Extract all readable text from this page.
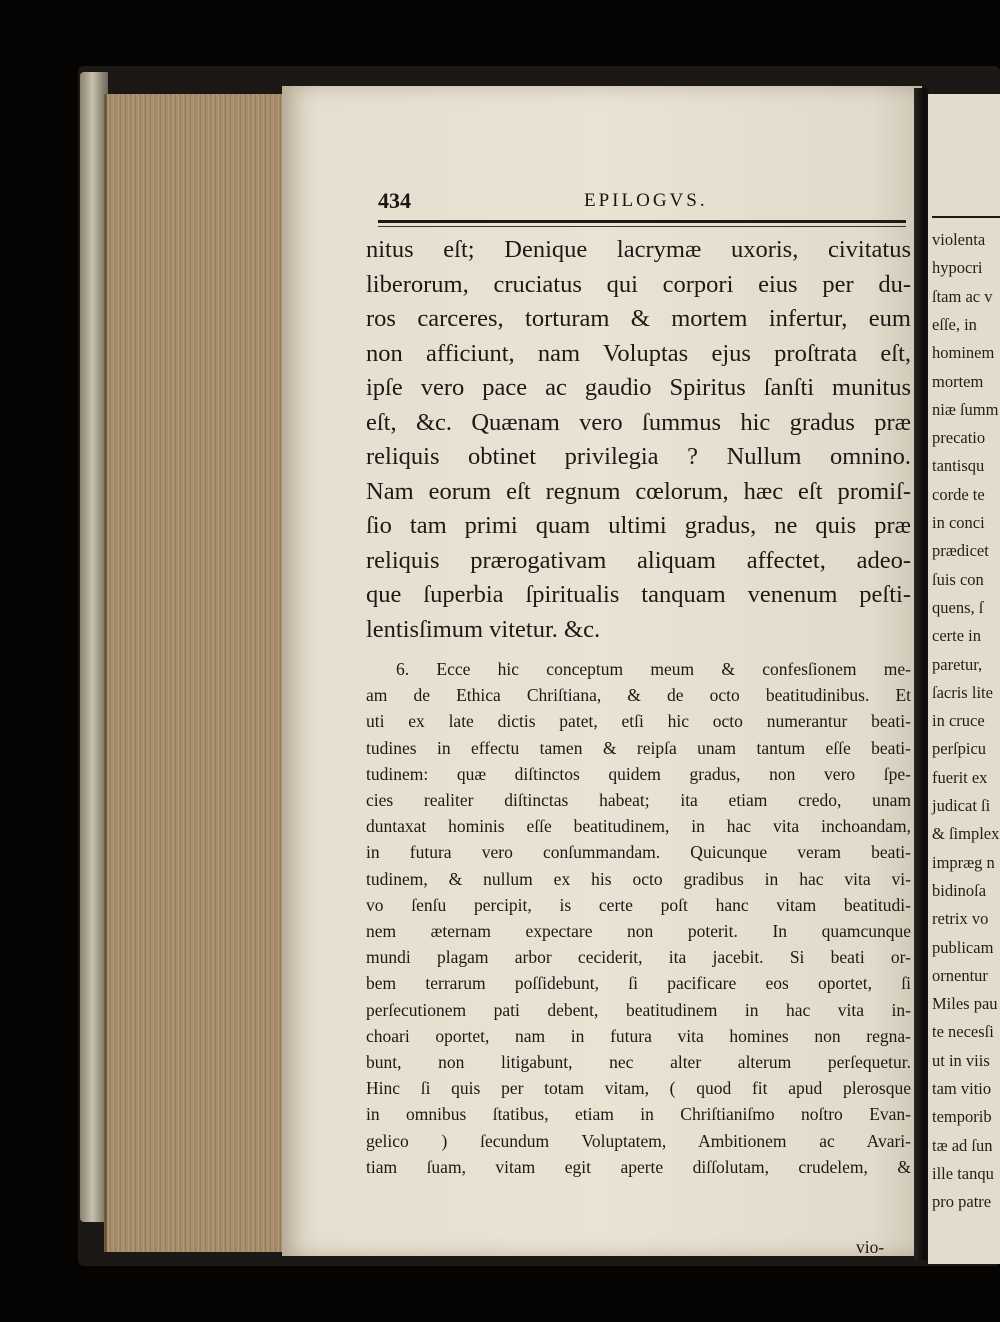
434	EPILOGVS.
nitus eſt; Denique lacrymæ uxoris, civitatus
liberorum, cruciatus qui corpori eius per du-
ros carceres, torturam & mortem infertur, eum
non afficiunt, nam Voluptas ejus proſtrata eſt,
ipſe vero pace ac gaudio Spiritus ſanſti munitus
eſt, &c. Quænam vero ſummus hic gradus præ
reliquis obtinet privilegia ? Nullum omnino.
Nam eorum eſt regnum cœlorum, hæc eſt promiſ-
ſio tam primi quam ultimi gradus, ne quis præ
reliquis prærogativam aliquam affectet, adeo-
que ſuperbia ſpiritualis tanquam venenum peſti-
lentisſimum vitetur. &c.
6. Ecce hic conceptum meum & confesſionem me-
am de Ethica Chriſtiana, & de octo beatitudinibus. Et
uti ex late dictis patet, etſi hic octo numerantur beati-
tudines in effectu tamen & reipſa unam tantum eſſe beati-
tudinem: quæ diſtinctos quidem gradus, non vero ſpe-
cies realiter diſtinctas habeat; ita etiam credo, unam
duntaxat hominis eſſe beatitudinem, in hac vita inchoandam,
in futura vero conſummandam. Quicunque veram beati-
tudinem, & nullum ex his octo gradibus in hac vita vi-
vo ſenſu percipit, is certe poſt hanc vitam beatitudi-
nem æternam expectare non poterit. In quamcunque
mundi plagam arbor ceciderit, ita jacebit. Si beati or-
bem terrarum poſſidebunt, ſi pacificare eos oportet, ſi
perſecutionem pati debent, beatitudinem in hac vita in-
choari oportet, nam in futura vita homines non regna-
bunt, non litigabunt, nec alter alterum perſequetur.
Hinc ſi quis per totam vitam, ( quod fit apud plerosque
in omnibus ſtatibus, etiam in Chriſtianiſmo noſtro Evan-
gelico ) ſecundum Voluptatem, Ambitionem ac Avari-
tiam ſuam, vitam egit aperte diſſolutam, crudelem, &
vio-
violenta
hypocri
ſtam ac v
eſſe, in
hominem
mortem
niæ ſumm
precatio
tantisqu
corde te
in conci
prædicet
ſuis con
quens, ſ
certe in
paretur,
ſacris lite
in cruce
perſpicu
fuerit ex
judicat ſi
& ſimplex
impræg n
bidinoſa
retrix vo
publicam
ornentur
Miles pau
te necesſi
ut in viis
tam vitio
temporib
tæ ad ſun
ille tanqu
pro patre
